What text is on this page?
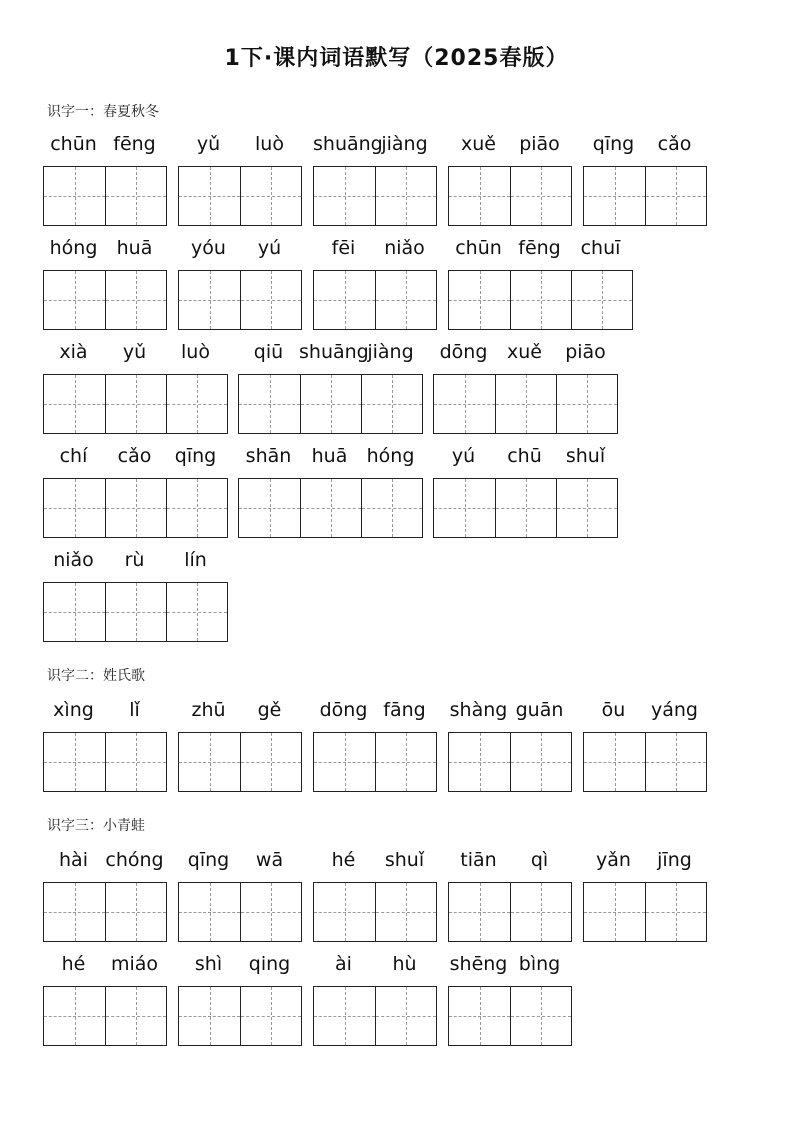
1下·课内词语默写（2025春版）
识字一：春夏秋冬
chūn fēng	yǔ	luò	shuāng
jiàng	xuě	piāo	qīng	cǎo
hóng	huā	yóu	yú	fēi	niǎo	chūn fēng	chuī
xià	yǔ	luò	qiū shuāng
jiàng	dōng	xuě	piāo
chí	cǎo	qīng	shān	huā	hóng	yú	chū	shuǐ
niǎo	rù	lín
识字二：姓氏歌
xìng	lǐ	zhū	gě	dōng fāng	shàng guān	ōu	yáng
识字三：小青蛙
hài chóng	qīng	wā	hé	shuǐ	tiān	qì	yǎn	jīng
hé	miáo	shì	qing	ài	hù	shēng bìng
